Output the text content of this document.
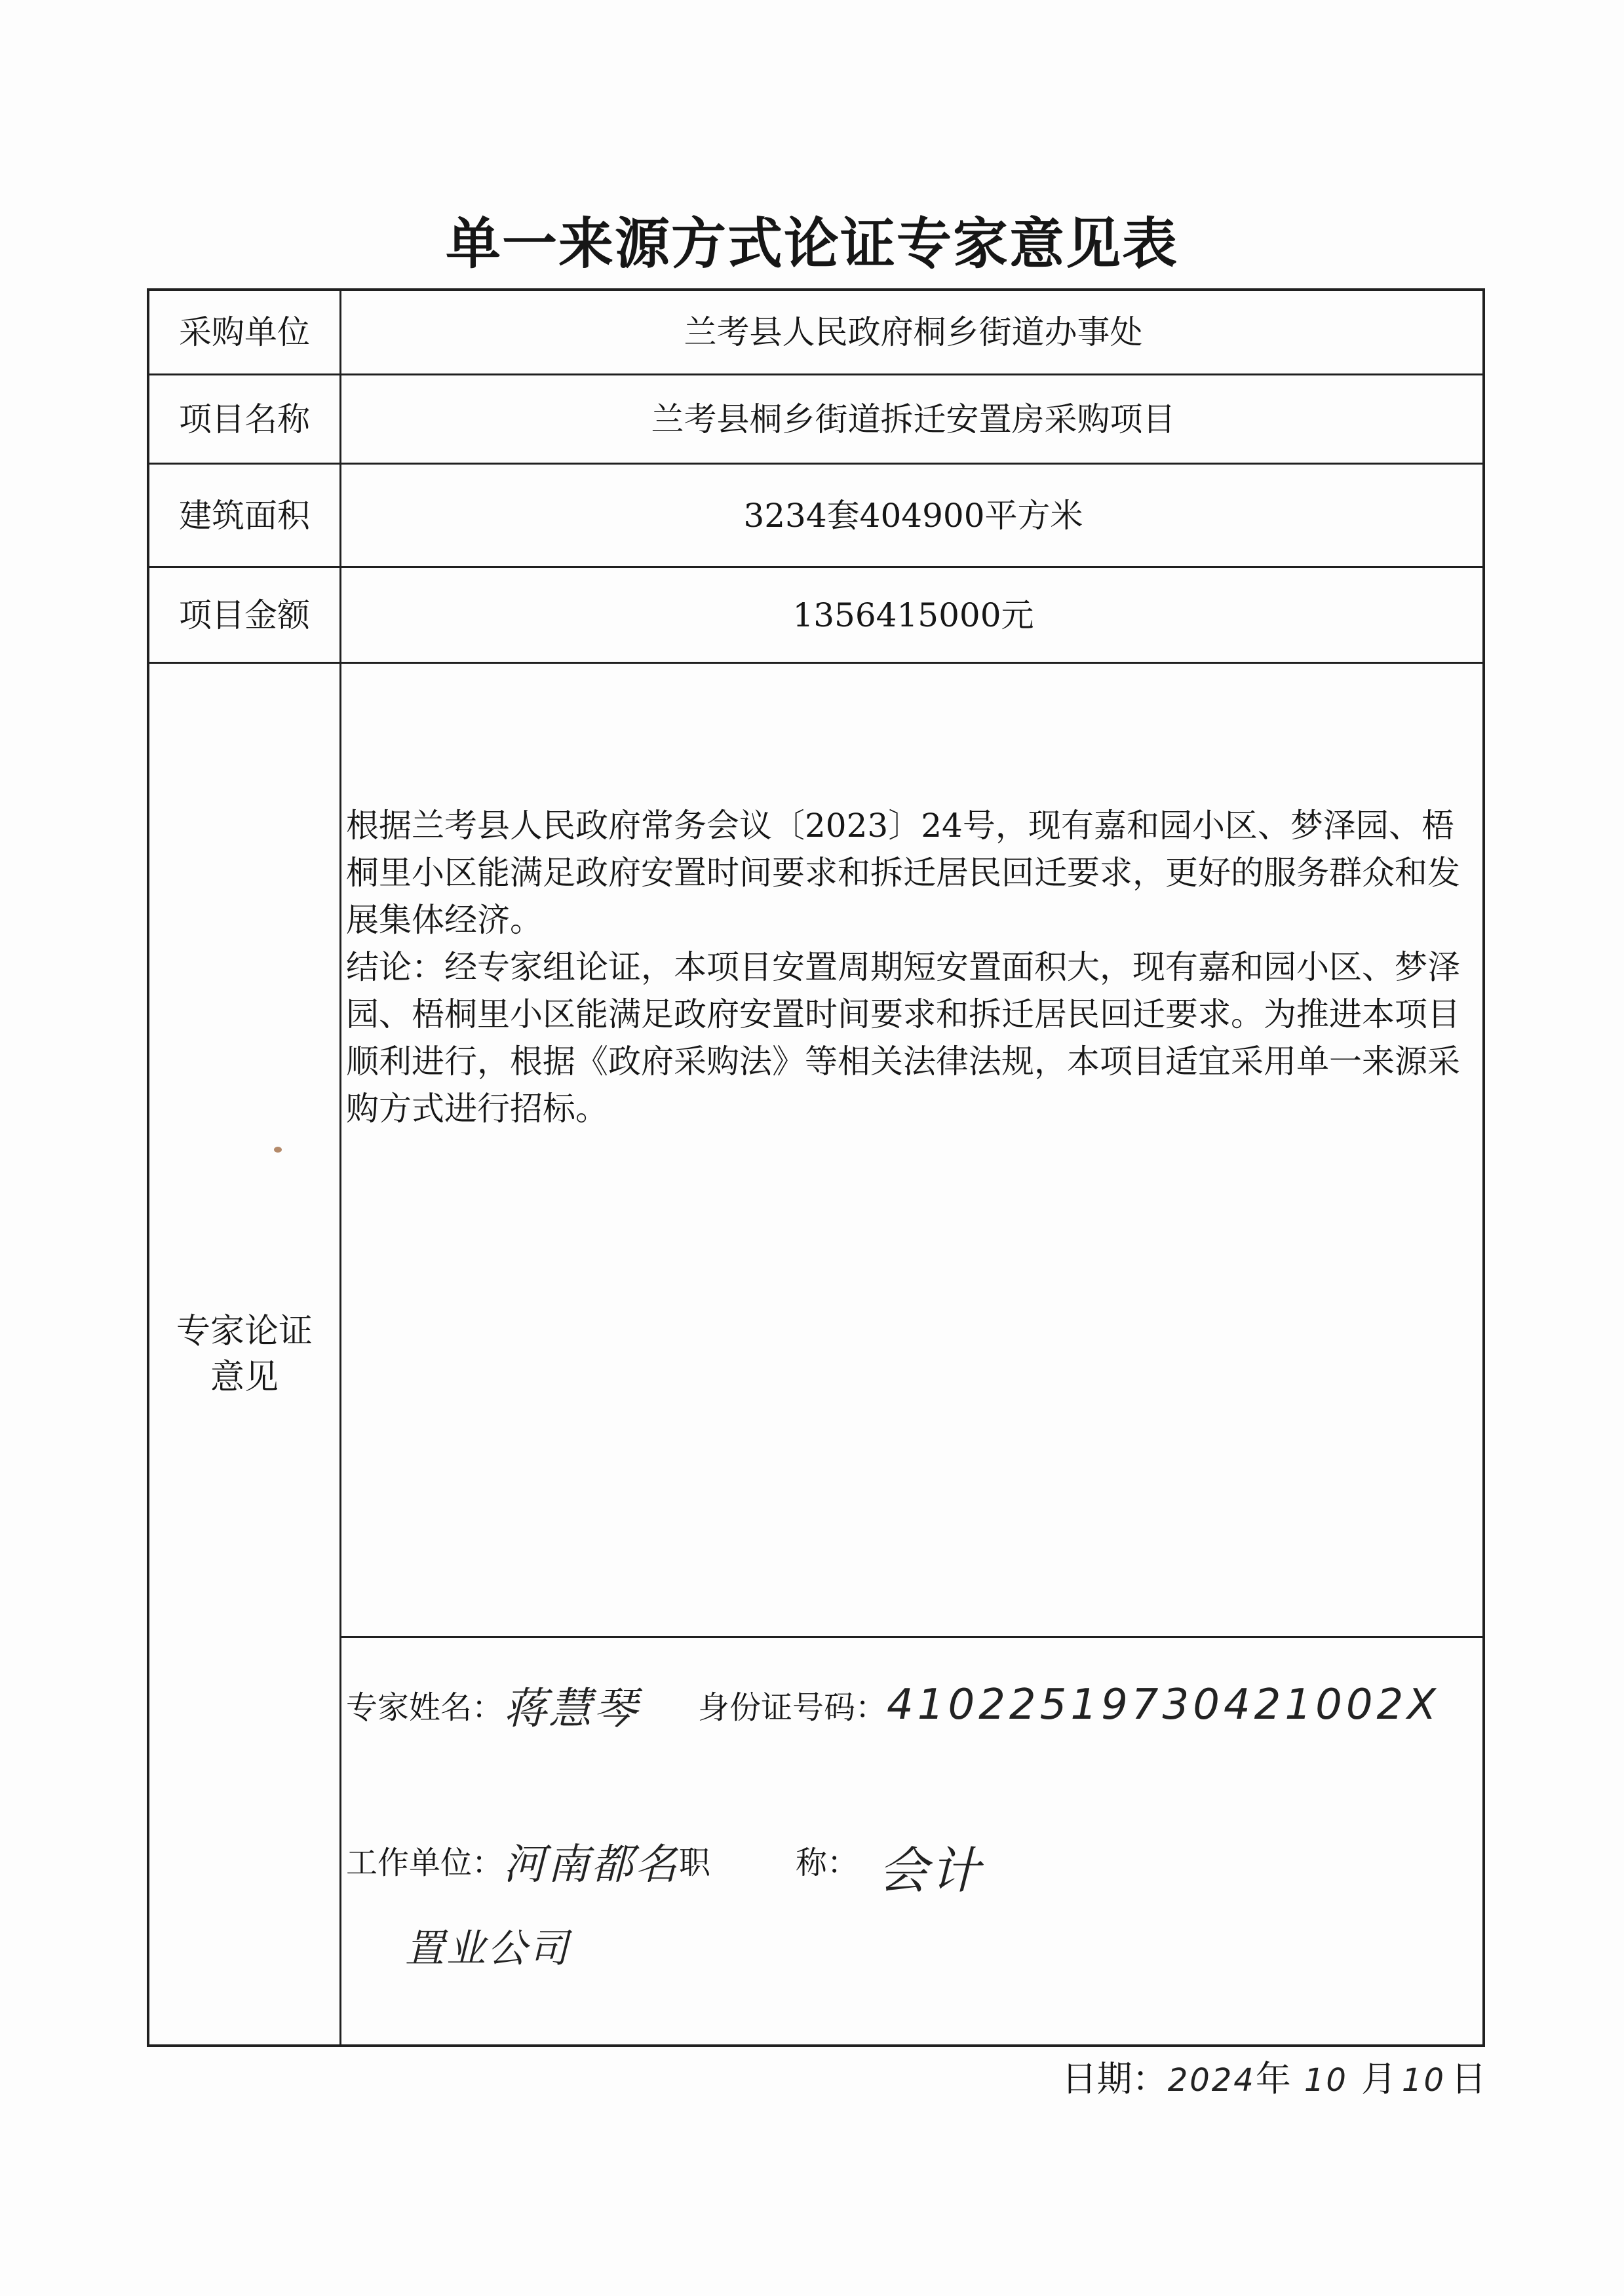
单一来源方式论证专家意见表
采购单位	兰考县人民政府桐乡街道办事处
项目名称	兰考县桐乡街道拆迁安置房采购项目
建筑面积	3234套404900平方米
项目金额	1356415000元
专家论证
意见

根据兰考县人民政府常务会议〔2023〕24号，现有嘉和园小区、梦泽园、梧桐里小区能满足政府安置时间要求和拆迁居民回迁要求，更好的服务群众和发展集体经济。

结论：经专家组论证，本项目安置周期短安置面积大，现有嘉和园小区、梦泽园、梧桐里小区能满足政府安置时间要求和拆迁居民回迁要求。为推进本项目顺利进行，根据《政府采购法》等相关法律法规，本项目适宜采用单一来源采购方式进行招标。

专家姓名： 蒋慧琴 身份证号码： 41022519730421002X
工作单位： 河南都名
置业公司
职	称： 会计
日期： 2024 年 10 月 10 日
